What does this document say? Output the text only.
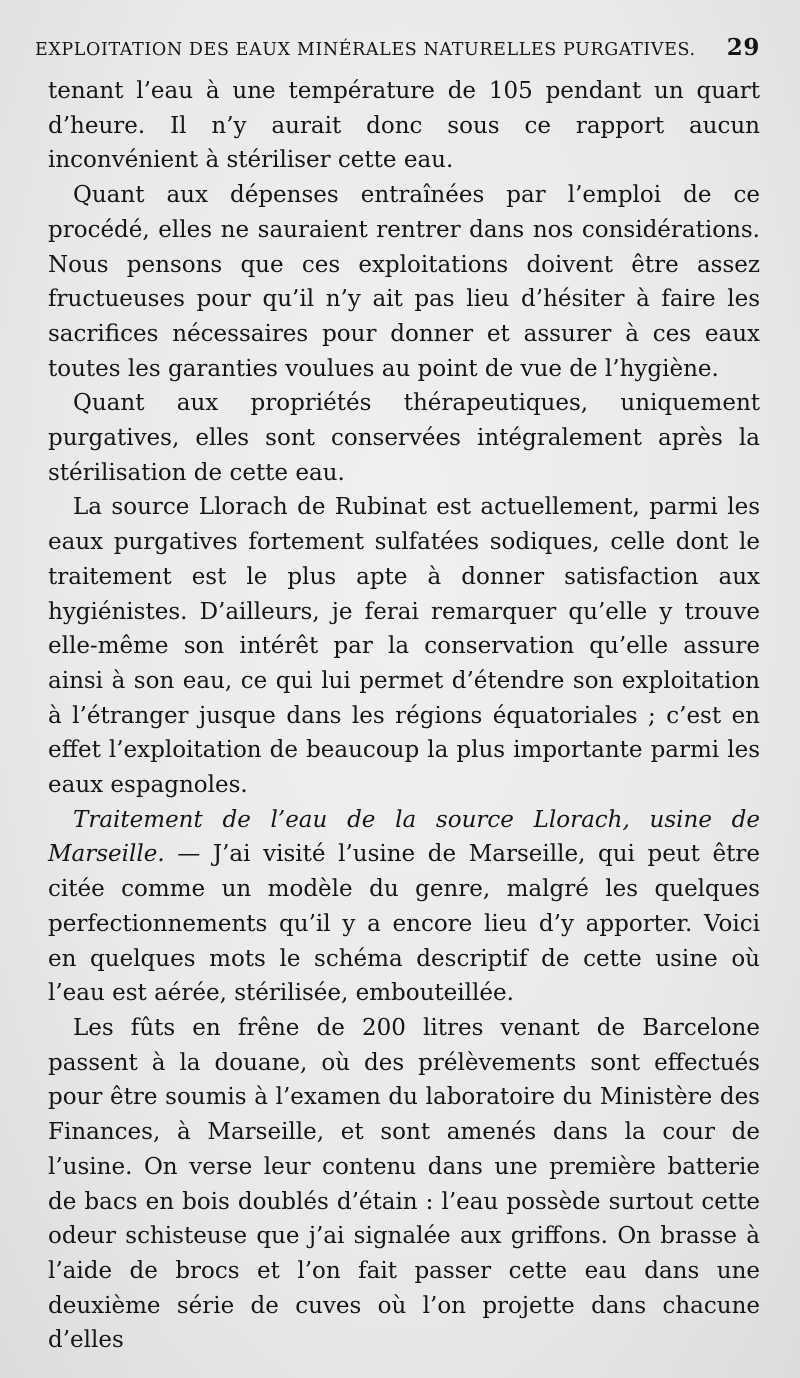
EXPLOITATION DES EAUX MINÉRALES NATURELLES PURGATIVES. 29

tenant l’eau à une température de 105 pendant un quart d’heure. Il n’y aurait donc sous ce rapport aucun inconvénient à stériliser cette eau.

Quant aux dépenses entraînées par l’emploi de ce procédé, elles ne sauraient rentrer dans nos considérations. Nous pensons que ces exploitations doivent être assez fructueuses pour qu’il n’y ait pas lieu d’hésiter à faire les sacrifices nécessaires pour donner et assurer à ces eaux toutes les garanties voulues au point de vue de l’hygiène.

Quant aux propriétés thérapeutiques, uniquement purgatives, elles sont conservées intégralement après la stérilisation de cette eau.

La source Llorach de Rubinat est actuellement, parmi les eaux purgatives fortement sulfatées sodiques, celle dont le traitement est le plus apte à donner satisfaction aux hygiénistes. D’ailleurs, je ferai remarquer qu’elle y trouve elle-même son intérêt par la conservation qu’elle assure ainsi à son eau, ce qui lui permet d’étendre son exploitation à l’étranger jusque dans les régions équatoriales ; c’est en effet l’exploitation de beaucoup la plus importante parmi les eaux espagnoles.

Traitement de l’eau de la source Llorach, usine de Marseille. — J’ai visité l’usine de Marseille, qui peut être citée comme un modèle du genre, malgré les quelques perfectionnements qu’il y a encore lieu d’y apporter. Voici en quelques mots le schéma descriptif de cette usine où l’eau est aérée, stérilisée, embouteillée.

Les fûts en frêne de 200 litres venant de Barcelone passent à la douane, où des prélèvements sont effectués pour être soumis à l’examen du laboratoire du Ministère des Finances, à Marseille, et sont amenés dans la cour de l’usine. On verse leur contenu dans une première batterie de bacs en bois doublés d’étain : l’eau possède surtout cette odeur schisteuse que j’ai signalée aux griffons. On brasse à l’aide de brocs et l’on fait passer cette eau dans une deuxième série de cuves où l’on projette dans chacune d’elles
